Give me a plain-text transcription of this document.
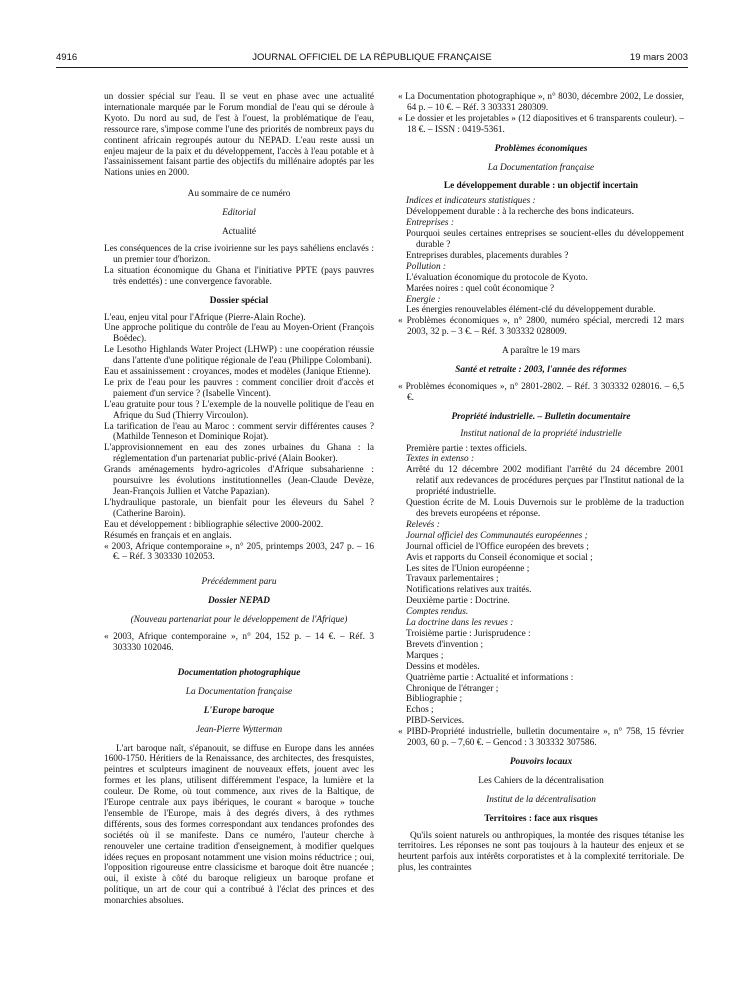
4916	JOURNAL OFFICIEL DE LA RÉPUBLIQUE FRANÇAISE	19 mars 2003

un dossier spécial sur l'eau. Il se veut en phase avec une actualité internationale marquée par le Forum mondial de l'eau qui se déroule à Kyoto. Du nord au sud, de l'est à l'ouest, la problématique de l'eau, ressource rare, s'impose comme l'une des priorités de nombreux pays du continent africain regroupés autour du NEPAD. L'eau reste aussi un enjeu majeur de la paix et du développement, l'accès à l'eau potable et à l'assainissement faisant partie des objectifs du millénaire adoptés par les Nations unies en 2000.

Au sommaire de ce numéro

Editorial

Actualité

Les conséquences de la crise ivoirienne sur les pays sahéliens enclavés : un premier tour d'horizon.

La situation économique du Ghana et l'initiative PPTE (pays pauvres très endettés) : une convergence favorable.

Dossier spécial

L'eau, enjeu vital pour l'Afrique (Pierre-Alain Roche).

Une approche politique du contrôle de l'eau au Moyen-Orient (François Boëdec).

Le Lesotho Highlands Water Project (LHWP) : une coopération réussie dans l'attente d'une politique régionale de l'eau (Philippe Colombani).

Eau et assainissement : croyances, modes et modèles (Janique Etienne).

Le prix de l'eau pour les pauvres : comment concilier droit d'accès et paiement d'un service ? (Isabelle Vincent).

L'eau gratuite pour tous ? L'exemple de la nouvelle politique de l'eau en Afrique du Sud (Thierry Vircoulon).

La tarification de l'eau au Maroc : comment servir différentes causes ? (Mathilde Tenneson et Dominique Rojat).

L'approvisionnement en eau des zones urbaines du Ghana : la réglementation d'un partenariat public-privé (Alain Booker).

Grands aménagements hydro-agricoles d'Afrique subsaharienne : poursuivre les évolutions institutionnelles (Jean-Claude Devèze, Jean-François Jullien et Vatche Papazian).

L'hydraulique pastorale, un bienfait pour les éleveurs du Sahel ? (Catherine Baroin).

Eau et développement : bibliographie sélective 2000-2002.

Résumés en français et en anglais.

« 2003, Afrique contemporaine », n° 205, printemps 2003, 247 p. – 16 €. – Réf. 3 303330 102053.

Précédemment paru

Dossier NEPAD

(Nouveau partenariat pour le développement de l'Afrique)

« 2003, Afrique contemporaine », n° 204, 152 p. – 14 €. – Réf. 3 303330 102046.

Documentation photographique

La Documentation française

L'Europe baroque

Jean-Pierre Wytterman

L'art baroque naît, s'épanouit, se diffuse en Europe dans les années 1600-1750. Héritiers de la Renaissance, des architectes, des fresquistes, peintres et sculpteurs imaginent de nouveaux effets, jouent avec les formes et les plans, utilisent différemment l'espace, la lumière et la couleur. De Rome, où tout commence, aux rives de la Baltique, de l'Europe centrale aux pays ibériques, le courant « baroque » touche l'ensemble de l'Europe, mais à des degrés divers, à des rythmes différents, sous des formes correspondant aux tendances profondes des sociétés où il se manifeste. Dans ce numéro, l'auteur cherche à renouveler une certaine tradition d'enseignement, à modifier quelques idées reçues en proposant notamment une vision moins réductrice ; oui, l'opposition rigoureuse entre classicisme et baroque doit être nuancée ; oui, il existe à côté du baroque religieux un baroque profane et politique, un art de cour qui a contribué à l'éclat des princes et des monarchies absolues.

« La Documentation photographique », n° 8030, décembre 2002, Le dossier, 64 p. – 10 €. – Réf. 3 303331 280309.

« Le dossier et les projetables » (12 diapositives et 6 transparents couleur). – 18 €. – ISSN : 0419-5361.

Problèmes économiques

La Documentation française

Le développement durable : un objectif incertain

Indices et indicateurs statistiques :

Développement durable : à la recherche des bons indicateurs.

Entreprises :

Pourquoi seules certaines entreprises se soucient-elles du développement durable ?

Entreprises durables, placements durables ?

Pollution :

L'évaluation économique du protocole de Kyoto.

Marées noires : quel coût économique ?

Energie :

Les énergies renouvelables élément-clé du développement durable.

« Problèmes économiques », n° 2800, numéro spécial, mercredi 12 mars 2003, 32 p. – 3 €. – Réf. 3 303332 028009.

A paraître le 19 mars

Santé et retraite : 2003, l'année des réformes

« Problèmes économiques », n° 2801-2802. – Réf. 3 303332 028016. – 6,5 €.

Propriété industrielle. – Bulletin documentaire

Institut national de la propriété industrielle

Première partie : textes officiels.

Textes in extenso :

Arrêté du 12 décembre 2002 modifiant l'arrêté du 24 décembre 2001 relatif aux redevances de procédures perçues par l'Institut national de la propriété industrielle.

Question écrite de M. Louis Duvernois sur le problème de la traduction des brevets européens et réponse.

Relevés :

Journal officiel des Communautés européennes ;

Journal officiel de l'Office européen des brevets ;

Avis et rapports du Conseil économique et social ;

Les sites de l'Union européenne ;

Travaux parlementaires ;

Notifications relatives aux traités.

Deuxième partie : Doctrine.

Comptes rendus.

La doctrine dans les revues :

Troisième partie : Jurisprudence :

Brevets d'invention ;

Marques ;

Dessins et modèles.

Quatrième partie : Actualité et informations :

Chronique de l'étranger ;

Bibliographie ;

Echos ;

PIBD-Services.

« PIBD-Propriété industrielle, bulletin documentaire », n° 758, 15 février 2003, 60 p. – 7,60 €. – Gencod : 3 303332 307586.

Pouvoirs locaux

Les Cahiers de la décentralisation

Institut de la décentralisation

Territoires : face aux risques

Qu'ils soient naturels ou anthropiques, la montée des risques tétanise les territoires. Les réponses ne sont pas toujours à la hauteur des enjeux et se heurtent parfois aux intérêts corporatistes et à la complexité territoriale. De plus, les contraintes
